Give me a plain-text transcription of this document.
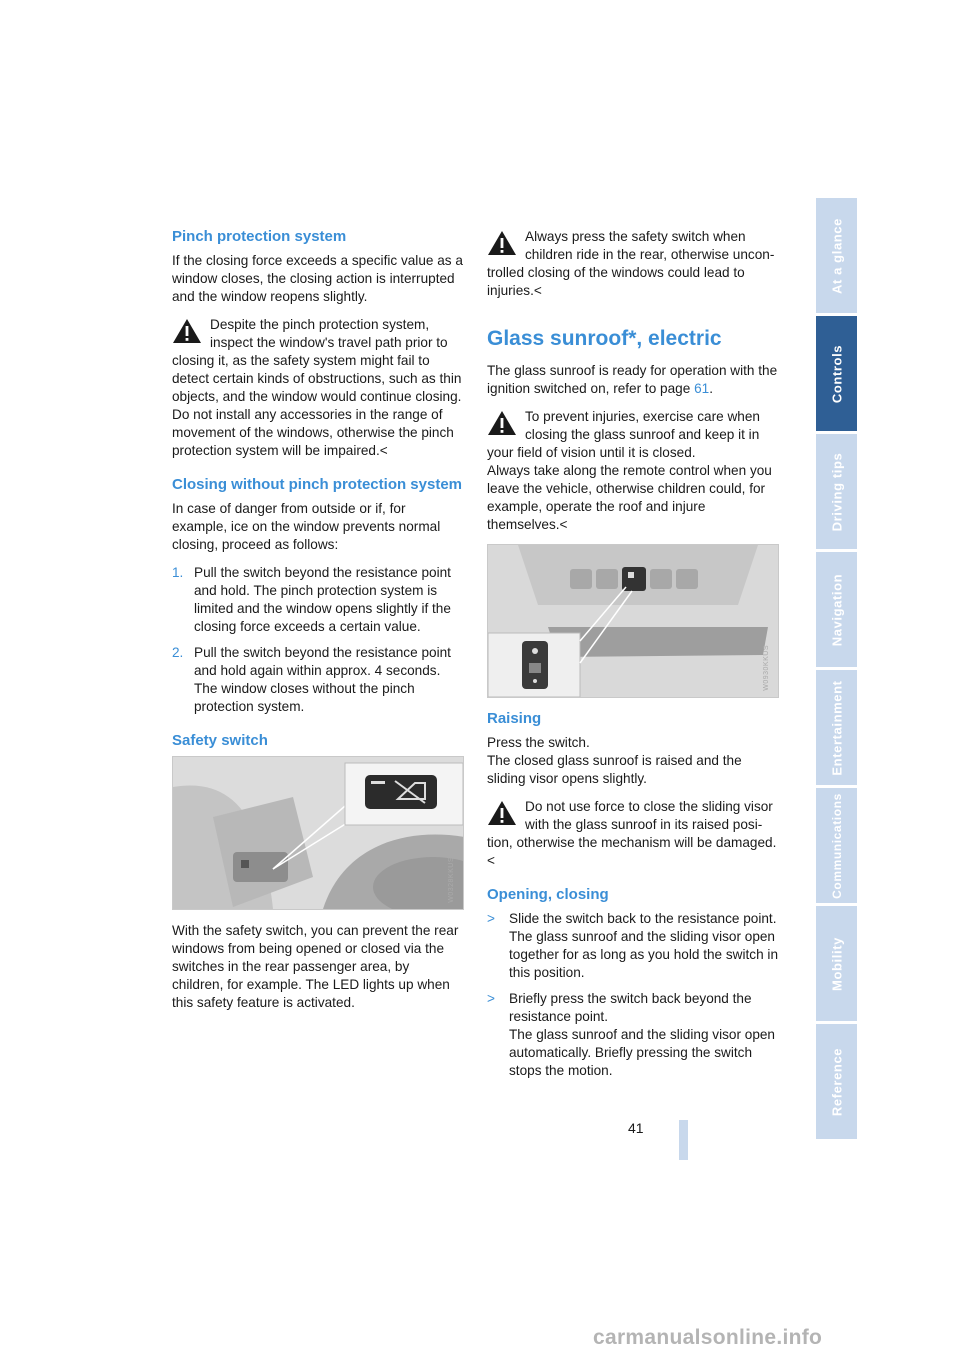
Pinch protection system

If the closing force exceeds a specific value as a window closes, the closing action is interrupted and the window reopens slightly.

Despite the pinch protection system, inspect the window's travel path prior to
closing it, as the safety system might fail to detect certain kinds of obstructions, such as thin objects, and the window would continue closing.
Do not install any accessories in the range of movement of the windows, otherwise the pinch protection system will be impaired.<
Closing without pinch protection system

In case of danger from outside or if, for example, ice on the window prevents normal closing, proceed as follows:

1. Pull the switch beyond the resistance point and hold. The pinch protection system is limited and the window opens slightly if the closing force exceeds a certain value.
2. Pull the switch beyond the resistance point and hold again within approx. 4 seconds. The window closes without the pinch protection system.
Safety switch
W0328KKUS

With the safety switch, you can prevent the rear windows from being opened or closed via the switches in the rear passenger area, by children, for example. The LED lights up when this safety feature is activated.

Always press the safety switch when children ride in the rear, otherwise uncon-
trolled closing of the windows could lead to injuries.<
Glass sunroof*, electric

The glass sunroof is ready for operation with the ignition switched on, refer to page 61.

To prevent injuries, exercise care when closing the glass sunroof and keep it in
your field of vision until it is closed.
Always take along the remote control when you leave the vehicle, otherwise children could, for example, operate the roof and injure themselves.<
W0930KKUS
Raising

Press the switch.

The closed glass sunroof is raised and the sliding visor opens slightly.

Do not use force to close the sliding visor with the glass sunroof in its raised posi-
tion, otherwise the mechanism will be damaged.<
Opening, closing
> Slide the switch back to the resistance point.
The glass sunroof and the sliding visor open together for as long as you hold the switch in this position.
> Briefly press the switch back beyond the resistance point.
The glass sunroof and the sliding visor open automatically. Briefly pressing the switch stops the motion.
At a glance
Controls
Driving tips
Navigation
Entertainment
Communications
Mobility
Reference
41
carmanualsonline.info
